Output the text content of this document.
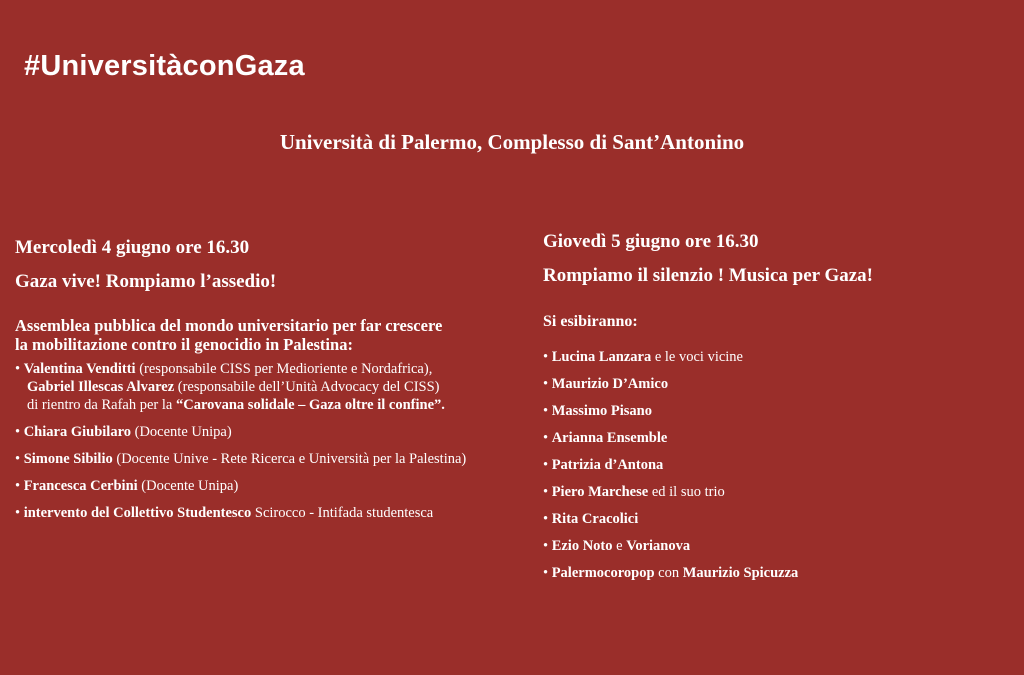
#UniversitàconGaza
Università di Palermo, Complesso di Sant’Antonino
Mercoledì 4 giugno ore 16.30
Gaza vive! Rompiamo l’assedio!
Assemblea pubblica del mondo universitario per far crescere
la mobilitazione contro il genocidio in Palestina:
• Valentina Venditti (responsabile CISS per Medioriente e Nordafrica),
Gabriel Illescas Alvarez (responsabile dell’Unità Advocacy del CISS)
di rientro da Rafah per la “Carovana solidale – Gaza oltre il confine”.
• Chiara Giubilaro (Docente Unipa)
• Simone Sibilio (Docente Unive - Rete Ricerca e Università per la Palestina)
• Francesca Cerbini (Docente Unipa)
• intervento del Collettivo Studentesco Scirocco - Intifada studentesca
Giovedì 5 giugno ore 16.30
Rompiamo il silenzio ! Musica per Gaza!
Si esibiranno:
• Lucina Lanzara e le voci vicine
• Maurizio D’Amico
• Massimo Pisano
• Arianna Ensemble
• Patrizia d’Antona
• Piero Marchese ed il suo trio
• Rita Cracolici
• Ezio Noto e Vorianova
• Palermocoropop con Maurizio Spicuzza
